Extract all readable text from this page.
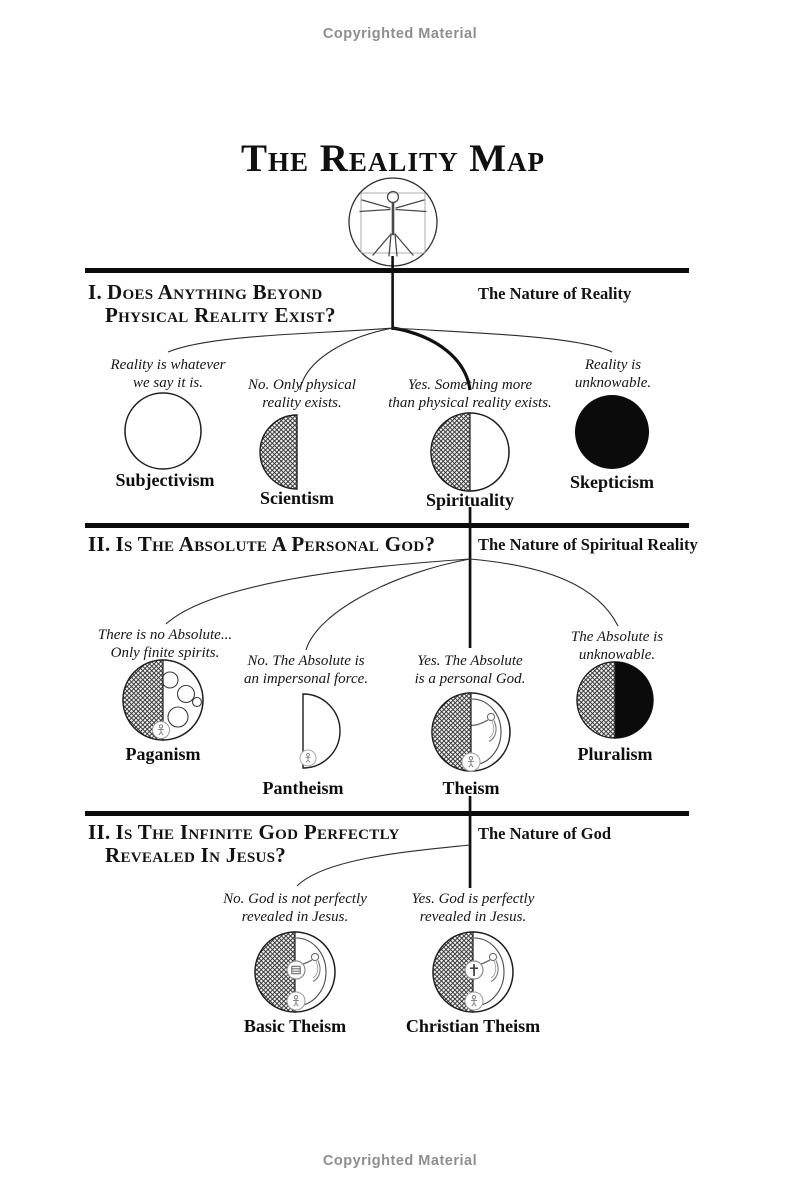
Copyrighted Material
The Reality Map
I. Does Anything Beyond
Physical Reality Exist?
The Nature of Reality
Reality is whatever
we say it is.	No. Only physical
reality exists.
Yes. Something more
than physical reality exists.
Reality is
unknowable.
Subjectivism
Scientism	Spirituality
Skepticism
II. Is The Absolute A Personal God?	The Nature of Spiritual Reality
There is no Absolute...
Only finite spirits.	No. The Absolute is
an impersonal force.
Yes. The Absolute
is a personal God.
The Absolute is
unknowable.
Paganism
Pantheism	Theism
Pluralism
II. Is The Infinite God Perfectly
Revealed In Jesus?
The Nature of God
No. God is not perfectly
revealed in Jesus.
Yes. God is perfectly
revealed in Jesus.
Basic Theism	Christian Theism
Copyrighted Material
